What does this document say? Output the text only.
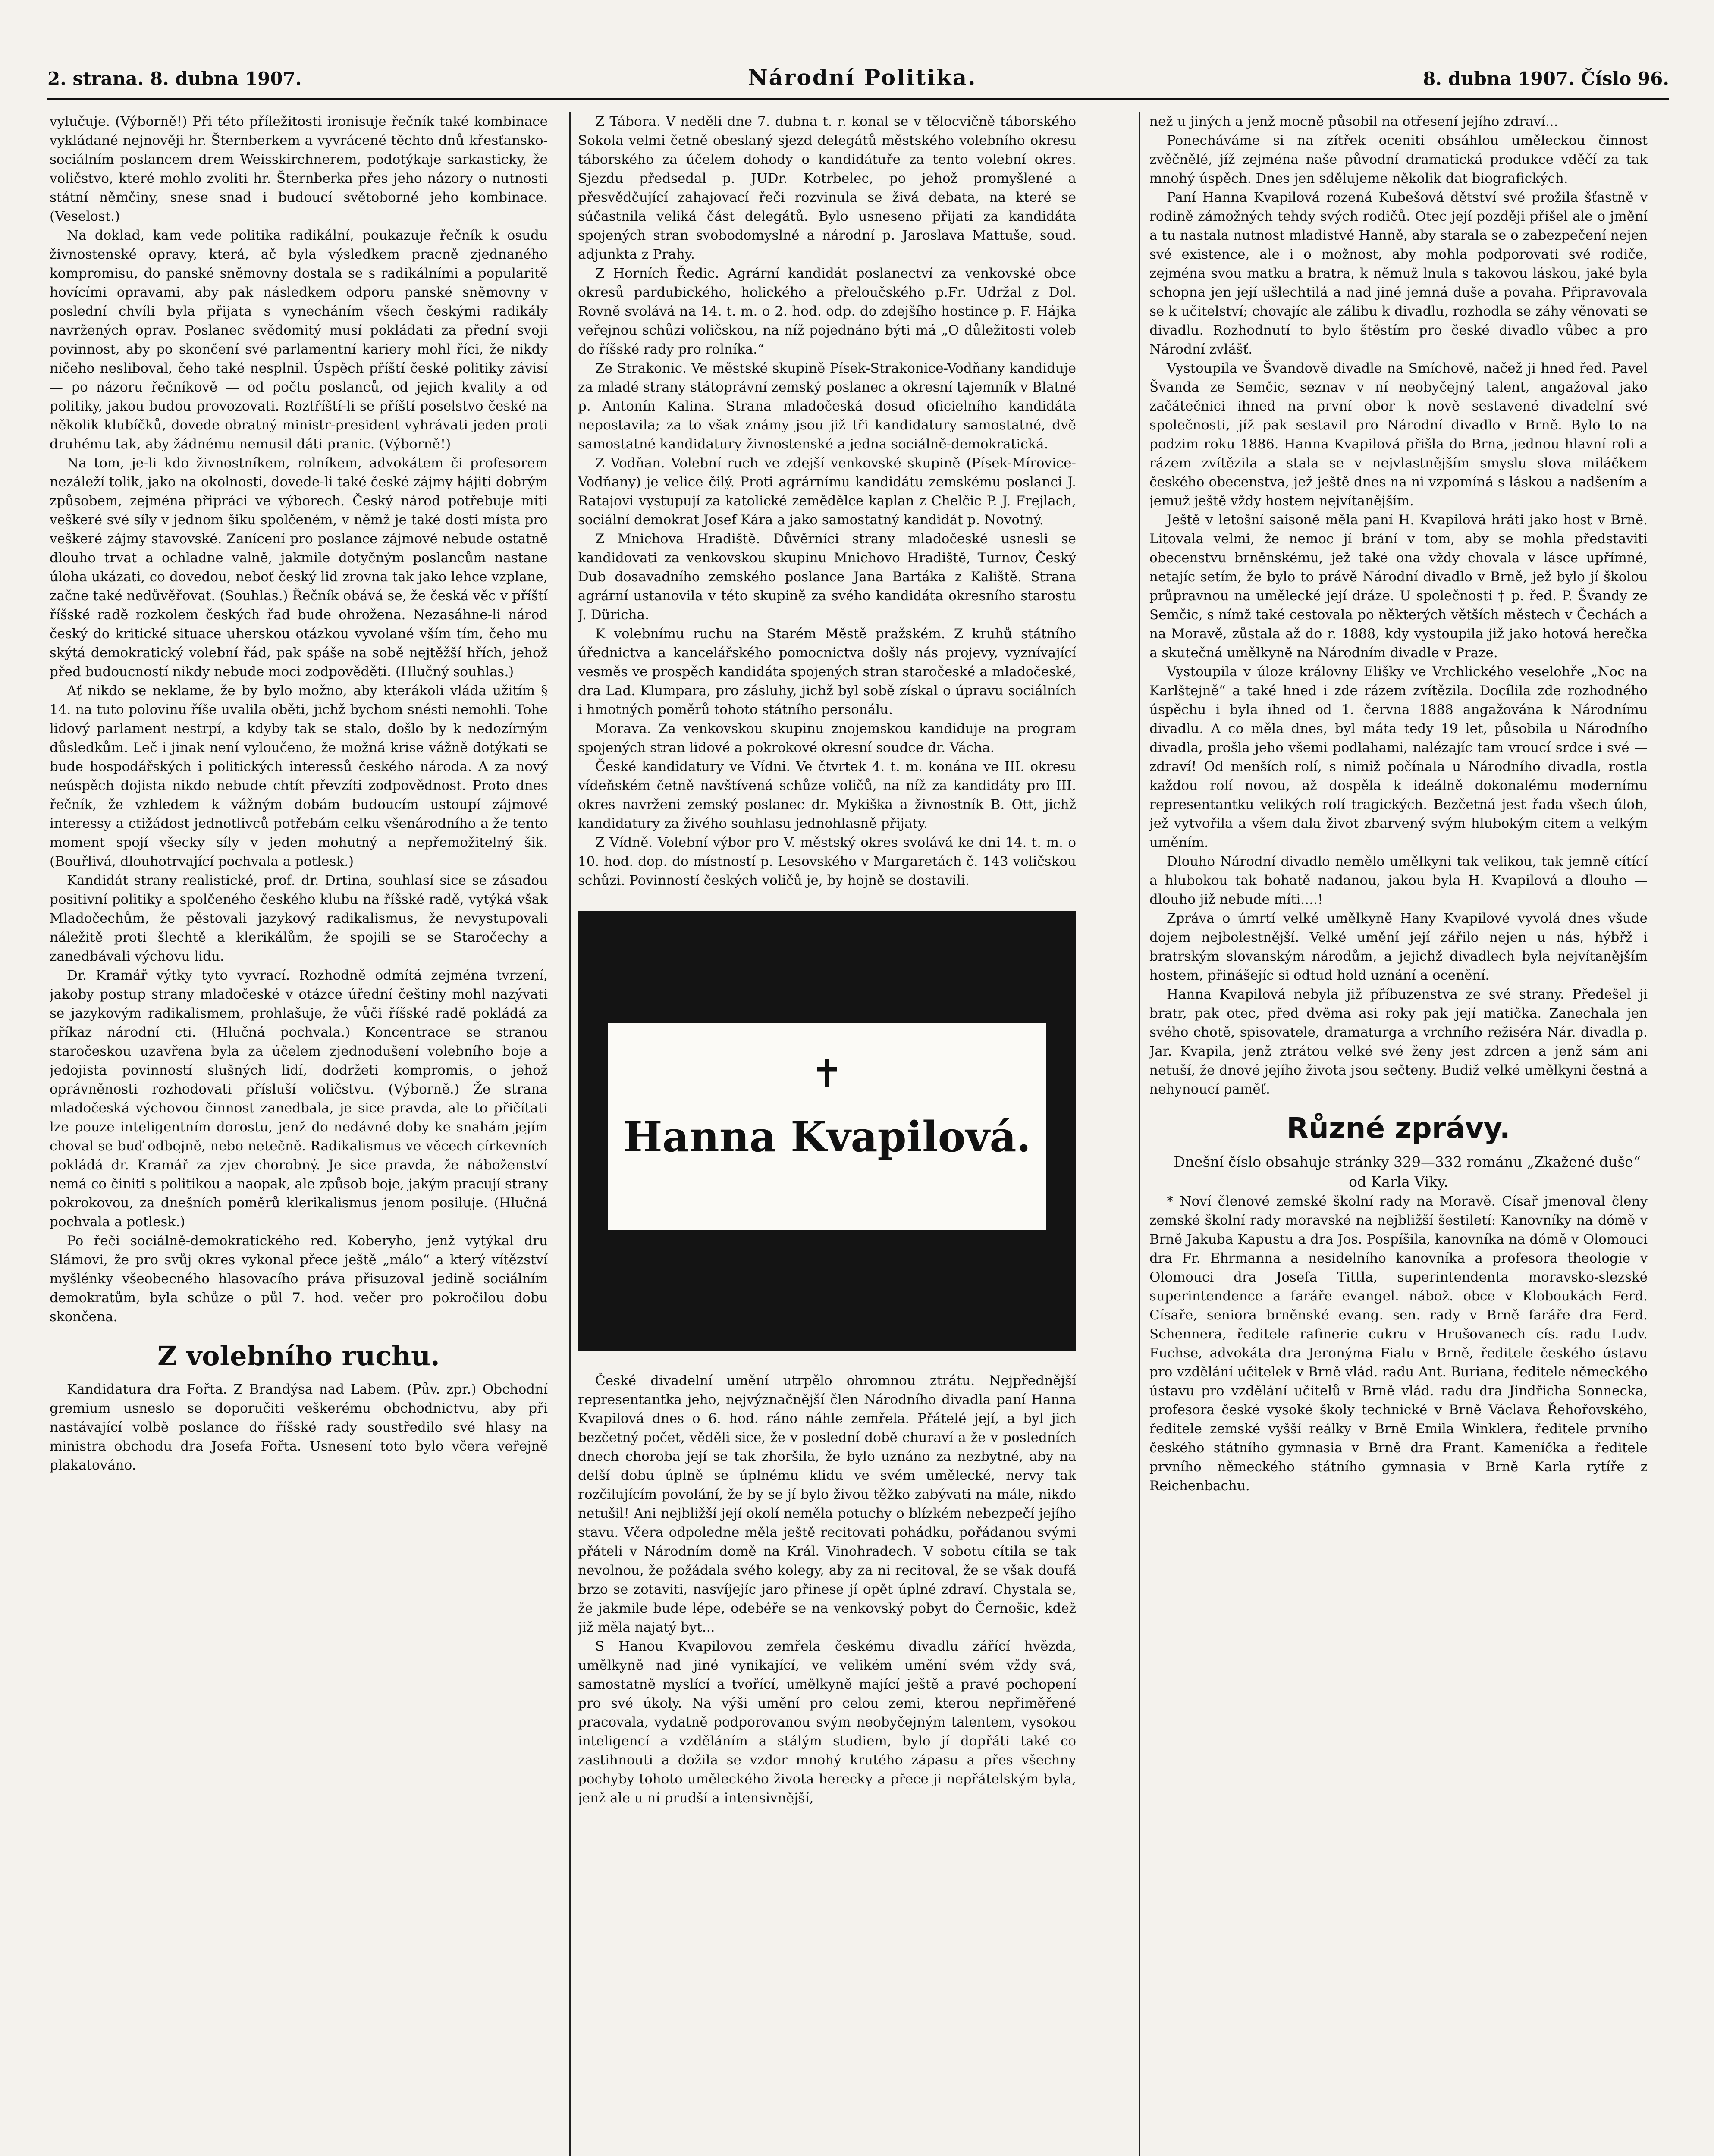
2. strana. 8. dubna 1907.	Národní Politika.	8. dubna 1907. Číslo 96.

vylučuje. (Výborně!) Při této příležitosti ironisuje řečník také kombinace vykládané nejnověji hr. Šternberkem a vyvrácené těchto dnů křesťansko-sociálním poslancem drem Weisskirchnerem, podotýkaje sarkasticky, že voličstvo, které mohlo zvoliti hr. Šternberka přes jeho názory o nutnosti státní němčiny, snese snad i budoucí světoborné jeho kombinace. (Veselost.)

Na doklad, kam vede politika radikální, poukazuje řečník k osudu živnostenské opravy, která, ač byla výsledkem pracně zjednaného kompromisu, do panské sněmovny dostala se s radikálními a popularitě hovícími opravami, aby pak následkem odporu panské sněmovny v poslední chvíli byla přijata s vynecháním všech českými radikály navržených oprav. Poslanec svědomitý musí pokládati za přední svoji povinnost, aby po skončení své parlamentní kariery mohl říci, že nikdy ničeho nesliboval, čeho také nesplnil. Úspěch příští české politiky závisí — po názoru řečníkově — od počtu poslanců, od jejich kvality a od politiky, jakou budou provozovati. Roztříští-li se příští poselstvo české na několik klubíčků, dovede obratný ministr-president vyhrávati jeden proti druhému tak, aby žádnému nemusil dáti pranic. (Výborně!)

Na tom, je-li kdo živnostníkem, rolníkem, advokátem či profesorem nezáleží tolik, jako na okolnosti, dovede-li také české zájmy hájiti dobrým způsobem, zejména připráci ve výborech. Český národ potřebuje míti veškeré své síly v jednom šiku spolčeném, v němž je také dosti místa pro veškeré zájmy stavovské. Zanícení pro poslance zájmové nebude ostatně dlouho trvat a ochladne valně, jakmile dotyčným poslancům nastane úloha ukázati, co dovedou, neboť český lid zrovna tak jako lehce vzplane, začne také nedůvěřovat. (Souhlas.) Řečník obává se, že česká věc v příští říšské radě rozkolem českých řad bude ohrožena. Nezasáhne-li národ český do kritické situace uherskou otázkou vyvolané vším tím, čeho mu skýtá demokratický volební řád, pak spáše na sobě nejtěžší hřích, jehož před budoucností nikdy nebude moci zodpověděti. (Hlučný souhlas.)

Ať nikdo se neklame, že by bylo možno, aby kterákoli vláda užitím § 14. na tuto polovinu říše uvalila oběti, jichž bychom snésti nemohli. Tohe lidový parlament nestrpí, a kdyby tak se stalo, došlo by k nedozírným důsledkům. Leč i jinak není vyloučeno, že možná krise vážně dotýkati se bude hospodářských i politických interessů českého národa. A za nový neúspěch dojista nikdo nebude chtít převzíti zodpovědnost. Proto dnes řečník, že vzhledem k vážným dobám budoucím ustoupí zájmové interessy a ctižádost jednotlivců potřebám celku všenárodního a že tento moment spojí všecky síly v jeden mohutný a nepřemožitelný šik. (Bouřlivá, dlouhotrvající pochvala a potlesk.)

Kandidát strany realistické, prof. dr. Drtina, souhlasí sice se zásadou positivní politiky a spolčeného českého klubu na říšské radě, vytýká však Mladočechům, že pěstovali jazykový radikalismus, že nevystupovali náležitě proti šlechtě a klerikálům, že spojili se se Staročechy a zanedbávali výchovu lidu.

Dr. Kramář výtky tyto vyvrací. Rozhodně odmítá zejména tvrzení, jakoby postup strany mladočeské v otázce úřední češtiny mohl nazývati se jazykovým radikalismem, prohlašuje, že vůči říšské radě pokládá za příkaz národní cti. (Hlučná pochvala.) Koncentrace se stranou staročeskou uzavřena byla za účelem zjednodušení volebního boje a jedojista povinností slušných lidí, dodržeti kompromis, o jehož oprávněnosti rozhodovati přísluší voličstvu. (Výborně.) Že strana mladočeská výchovou činnost zanedbala, je sice pravda, ale to přičítati lze pouze inteligentním dorostu, jenž do nedávné doby ke snahám jejím choval se buď odbojně, nebo netečně. Radikalismus ve věcech církevních pokládá dr. Kramář za zjev chorobný. Je sice pravda, že náboženství nemá co činiti s politikou a naopak, ale způsob boje, jakým pracují strany pokrokovou, za dnešních poměrů klerikalismus jenom posiluje. (Hlučná pochvala a potlesk.)

Po řeči sociálně-demokratického red. Koberyho, jenž vytýkal dru Slámovi, že pro svůj okres vykonal přece ještě „málo“ a který vítězství myšlénky všeobecného hlasovacího práva přisuzoval jedině sociálním demokratům, byla schůze o půl 7. hod. večer pro pokročilou dobu skončena.

Z volebního ruchu.

Kandidatura dra Fořta. Z Brandýsa nad Labem. (Pův. zpr.) Obchodní gremium usneslo se doporučiti veškerému obchodnictvu, aby při nastávající volbě poslance do říšské rady soustředilo své hlasy na ministra obchodu dra Josefa Fořta. Usnesení toto bylo včera veřejně plakatováno.

Z Tábora. V neděli dne 7. dubna t. r. konal se v tělocvičně táborského Sokola velmi četně obeslaný sjezd delegátů městského volebního okresu táborského za účelem dohody o kandidátuře za tento volební okres. Sjezdu předsedal p. JUDr. Kotrbelec, po jehož promyšlené a přesvědčující zahajovací řeči rozvinula se živá debata, na které se súčastnila veliká část delegátů. Bylo usneseno přijati za kandidáta spojených stran svobodomyslné a národní p. Jaroslava Mattuše, soud. adjunkta z Prahy.

Z Horních Ředic. Agrární kandidát poslanectví za venkovské obce okresů pardubického, holického a přeloučského p.Fr. Udržal z Dol. Rovně svolává na 14. t. m. o 2. hod. odp. do zdejšího hostince p. F. Hájka veřejnou schůzi voličskou, na níž pojednáno býti má „O důležitosti voleb do říšské rady pro rolníka.“

Ze Strakonic. Ve městské skupině Písek-Strakonice-Vodňany kandiduje za mladé strany státoprávní zemský poslanec a okresní tajemník v Blatné p. Antonín Kalina. Strana mladočeská dosud oficielního kandidáta nepostavila; za to však známy jsou již tři kandidatury samostatné, dvě samostatné kandidatury živnostenské a jedna sociálně-demokratická.

Z Vodňan. Volební ruch ve zdejší venkovské skupině (Písek-Mírovice-Vodňany) je velice čilý. Proti agrárnímu kandidátu zemskému poslanci J. Ratajovi vystupují za katolické zemědělce kaplan z Chelčic P. J. Frejlach, sociální demokrat Josef Kára a jako samostatný kandidát p. Novotný.

Z Mnichova Hradiště. Důvěrníci strany mladočeské usnesli se kandidovati za venkovskou skupinu Mnichovo Hradiště, Turnov, Český Dub dosavadního zemského poslance Jana Bartáka z Kaliště. Strana agrární ustanovila v této skupině za svého kandidáta okresního starostu J. Düricha.

K volebnímu ruchu na Starém Městě pražském. Z kruhů státního úřednictva a kancelářského pomocnictva došly nás projevy, vyznívající vesměs ve prospěch kandidáta spojených stran staročeské a mladočeské, dra Lad. Klumpara, pro zásluhy, jichž byl sobě získal o úpravu sociálních i hmotných poměrů tohoto státního personálu.

Morava. Za venkovskou skupinu znojemskou kandiduje na program spojených stran lidové a pokrokové okresní soudce dr. Vácha.

České kandidatury ve Vídni. Ve čtvrtek 4. t. m. konána ve III. okresu vídeňském četně navštívená schůze voličů, na níž za kandidáty pro III. okres navrženi zemský poslanec dr. Mykiška a živnostník B. Ott, jichž kandidatury za živého souhlasu jednohlasně přijaty.

Z Vídně. Volební výbor pro V. městský okres svolává ke dni 14. t. m. o 10. hod. dop. do místností p. Lesovského v Margaretách č. 143 voličskou schůzi. Povinností českých voličů je, by hojně se dostavili.

✝
Hanna Kvapilová.

České divadelní umění utrpělo ohromnou ztrátu. Nejpřednější representantka jeho, nejvýznačnější člen Národního divadla paní Hanna Kvapilová dnes o 6. hod. ráno náhle zemřela. Přátelé její, a byl jich bezčetný počet, věděli sice, že v poslední době churaví a že v posledních dnech choroba její se tak zhoršila, že bylo uznáno za nezbytné, aby na delší dobu úplně se úplnému klidu ve svém umělecké, nervy tak rozčilujícím povolání, že by se jí bylo živou těžko zabývati na mále, nikdo netušil! Ani nejbližší její okolí neměla potuchy o blízkém nebezpečí jejího stavu. Včera odpoledne měla ještě recitovati pohádku, pořádanou svými přáteli v Národním domě na Král. Vinohradech. V sobotu cítila se tak nevolnou, že požádala svého kolegy, aby za ni recitoval, že se však doufá brzo se zotaviti, nasvíjejíc jaro přinese jí opět úplné zdraví. Chystala se, že jakmile bude lépe, odebéře se na venkovský pobyt do Černošic, kdež již měla najatý byt...

S Hanou Kvapilovou zemřela českému divadlu zářící hvězda, umělkyně nad jiné vynikající, ve velikém umění svém vždy svá, samostatně myslící a tvořící, umělkyně mající ještě a pravé pochopení pro své úkoly. Na výši umění pro celou zemi, kterou nepřiměřené pracovala, vydatně podporovanou svým neobyčejným talentem, vysokou inteligencí a vzděláním a stálým studiem, bylo jí dopřáti také co zastihnouti a dožila se vzdor mnohý krutého zápasu a přes všechny pochyby tohoto uměleckého života herecky a přece ji nepřátelským byla, jenž ale u ní prudší a intensivnější,

než u jiných a jenž mocně působil na otřesení jejího zdraví...

Ponecháváme si na zítřek oceniti obsáhlou uměleckou činnost zvěčnělé, jíž zejména naše původní dramatická produkce vděčí za tak mnohý úspěch. Dnes jen sdělujeme několik dat biografických.

Paní Hanna Kvapilová rozená Kubešová dětství své prožila šťastně v rodině zámožných tehdy svých rodičů. Otec její později přišel ale o jmění a tu nastala nutnost mladistvé Hanně, aby starala se o zabezpečení nejen své existence, ale i o možnost, aby mohla podporovati své rodiče, zejména svou matku a bratra, k němuž lnula s takovou láskou, jaké byla schopna jen její ušlechtilá a nad jiné jemná duše a povaha. Připravovala se k učitelství; chovajíc ale zálibu k divadlu, rozhodla se záhy věnovati se divadlu. Rozhodnutí to bylo štěstím pro české divadlo vůbec a pro Národní zvlášť.

Vystoupila ve Švandově divadle na Smíchově, načež ji hned řed. Pavel Švanda ze Semčic, seznav v ní neobyčejný talent, angažoval jako začátečnici ihned na první obor k nově sestavené divadelní své společnosti, jíž pak sestavil pro Národní divadlo v Brně. Bylo to na podzim roku 1886. Hanna Kvapilová přišla do Brna, jednou hlavní roli a rázem zvítězila a stala se v nejvlastnějším smyslu slova miláčkem českého obecenstva, jež ještě dnes na ni vzpomíná s láskou a nadšením a jemuž ještě vždy hostem nejvítanějším.

Ještě v letošní saisoně měla paní H. Kvapilová hráti jako host v Brně. Litovala velmi, že nemoc jí brání v tom, aby se mohla představiti obecenstvu brněnskému, jež také ona vždy chovala v lásce upřímné, netajíc setím, že bylo to právě Národní divadlo v Brně, jež bylo jí školou průpravnou na umělecké její dráze. U společnosti † p. řed. P. Švandy ze Semčic, s nímž také cestovala po některých větších městech v Čechách a na Moravě, zůstala až do r. 1888, kdy vystoupila již jako hotová herečka a skutečná umělkyně na Národním divadle v Praze.

Vystoupila v úloze královny Elišky ve Vrchlického veselohře „Noc na Karlštejně“ a také hned i zde rázem zvítězila. Docílila zde rozhodného úspěchu i byla ihned od 1. června 1888 angažována k Národnímu divadlu. A co měla dnes, byl máta tedy 19 let, působila u Národního divadla, prošla jeho všemi podlahami, nalézajíc tam vroucí srdce i své — zdraví! Od menších rolí, s nimiž počínala u Národního divadla, rostla každou rolí novou, až dospěla k ideálně dokonalému modernímu representantku velikých rolí tragických. Bezčetná jest řada všech úloh, jež vytvořila a všem dala život zbarvený svým hlubokým citem a velkým uměním.

Dlouho Národní divadlo nemělo umělkyni tak velikou, tak jemně cítící a hlubokou tak bohatě nadanou, jakou byla H. Kvapilová a dlouho — dlouho již nebude míti....!

Zpráva o úmrtí velké umělkyně Hany Kvapilové vyvolá dnes všude dojem nejbolestnější. Velké umění její zářilo nejen u nás, hýbřž i bratrským slovanským národům, a jejichž divadlech byla nejvítanějším hostem, přinášejíc si odtud hold uznání a ocenění.

Hanna Kvapilová nebyla již příbuzenstva ze své strany. Předešel ji bratr, pak otec, před dvěma asi roky pak její matička. Zanechala jen svého chotě, spisovatele, dramaturga a vrchního režiséra Nár. divadla p. Jar. Kvapila, jenž ztrátou velké své ženy jest zdrcen a jenž sám ani netuší, že dnové jejího života jsou sečteny. Budiž velké umělkyni čestná a nehynoucí paměť.

Různé zprávy.

Dnešní číslo obsahuje stránky 329—332 románu „Zkažené duše“ od Karla Viky.

* Noví členové zemské školní rady na Moravě. Císař jmenoval členy zemské školní rady moravské na nejbližší šestiletí: Kanovníky na dómě v Brně Jakuba Kapustu a dra Jos. Pospíšila, kanovníka na dómě v Olomouci dra Fr. Ehrmanna a nesidelního kanovníka a profesora theologie v Olomouci dra Josefa Tittla, superintendenta moravsko-slezské superintendence a faráře evangel. nábož. obce v Kloboukách Ferd. Císaře, seniora brněnské evang. sen. rady v Brně faráře dra Ferd. Schennera, ředitele rafinerie cukru v Hrušovanech cís. radu Ludv. Fuchse, advokáta dra Jeronýma Fialu v Brně, ředitele českého ústavu pro vzdělání učitelek v Brně vlád. radu Ant. Buriana, ředitele německého ústavu pro vzdělání učitelů v Brně vlád. radu dra Jindřicha Sonnecka, profesora české vysoké školy technické v Brně Václava Řehořovského, ředitele zemské vyšší reálky v Brně Emila Winklera, ředitele prvního českého státního gymnasia v Brně dra Frant. Kameníčka a ředitele prvního německého státního gymnasia v Brně Karla rytíře z Reichenbachu.
